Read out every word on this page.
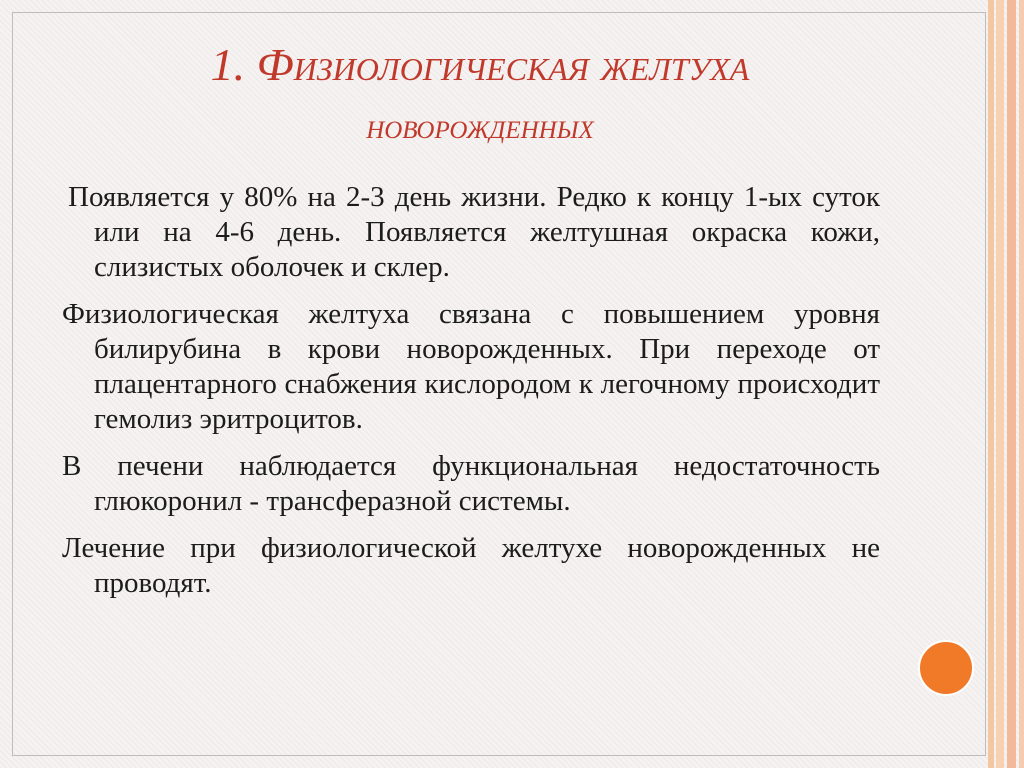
1. Физиологическая желтуха
новорожденных

Появляется у 80% на 2-3 день жизни. Редко к концу 1-ых суток или на 4-6 день. Появляется желтушная окраска кожи, слизистых оболочек и склер.

Физиологическая желтуха связана с повышением уровня билирубина в крови новорожденных. При переходе от плацентарного снабжения кислородом к легочному происходит гемолиз эритроцитов.

В печени наблюдается функциональная недостаточность глюкоронил - трансферазной системы.

Лечение при физиологической желтухе новорожденных не проводят.
